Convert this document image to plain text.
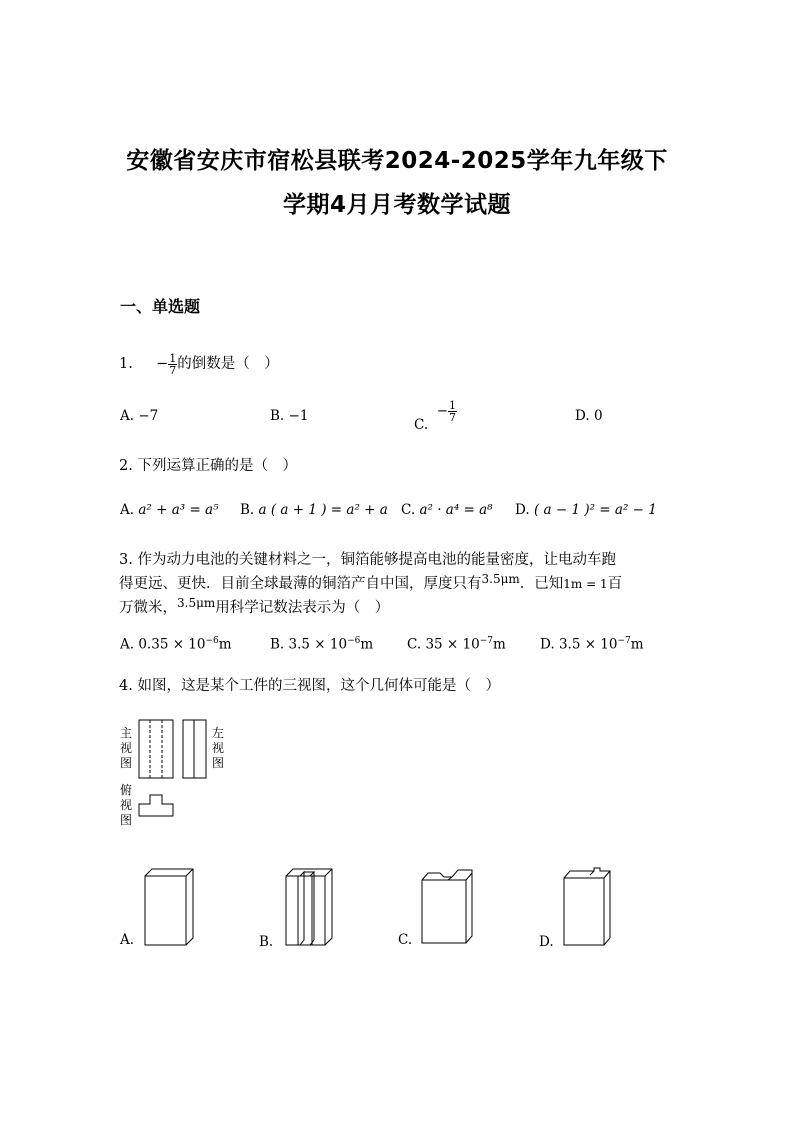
安徽省安庆市宿松县联考2024-2025学年九年级下
学期4月月考数学试题
一、单选题
1. − $\frac{1}{7}$ 的倒数是（　）
A. −7	B. −1
C.  − $\frac{1}{7}$	D. 0
2. 下列运算正确的是（　）
A. a² + a³ = a⁵ B. a ( a + 1 ) = a² + a C. a² · a⁴ = a⁸ D. ( a − 1 )² = a² − 1
3. 作为动力电池的关键材料之一，铜箔能够提高电池的能量密度，让电动车跑
得更远、更快．目前全球最薄的铜箔产自中国，厚度只有$^{3.5\mu m}$．已知1m = 1百
万微米，$^{3.5\mu m}$用科学记数法表示为（　）
A. $0.35 \times 10^{-6}m$	B. $3.5 \times 10^{-6}m$	C. $35 \times 10^{-7}m$	D. $3.5 \times 10^{-7}m$
4. 如图，这是某个工件的三视图，这个几何体可能是（　）
主视图
左视图
俯视图
A.	B.	C.	D.
